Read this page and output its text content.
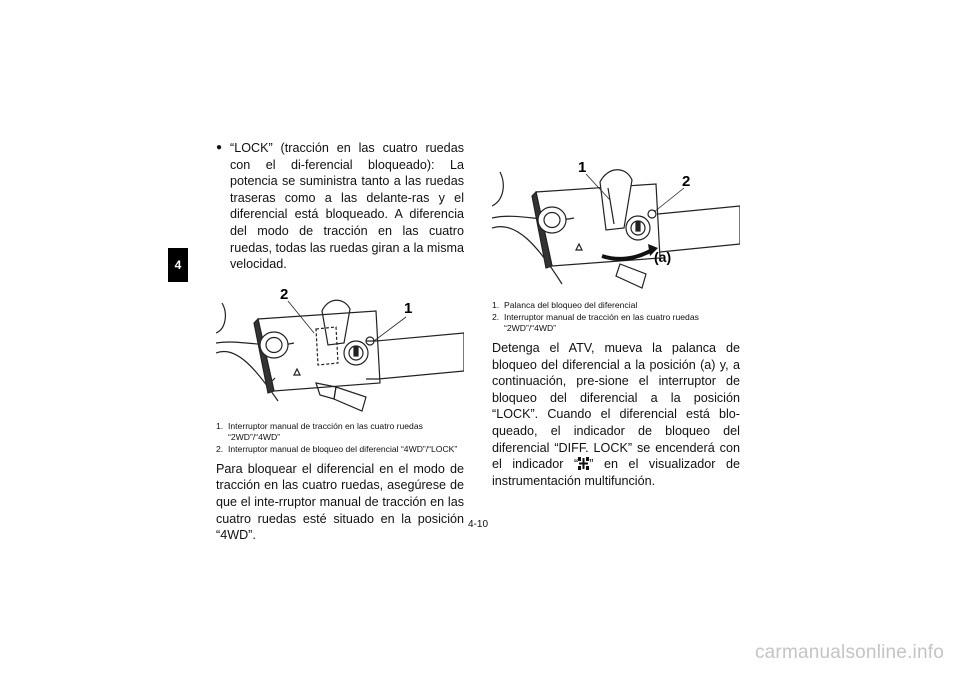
4
● “LOCK” (tracción en las cuatro ruedas con el di-ferencial bloqueado): La potencia se suministra tanto a las ruedas traseras como a las delante-ras y el diferencial está bloqueado. A diferencia del modo de tracción en las cuatro ruedas, todas las ruedas giran a la misma velocidad.
2
1
1. Interruptor manual de tracción en las cuatro ruedas “2WD”/“4WD”
2. Interruptor manual de bloqueo del diferencial “4WD”/“LOCK”

Para bloquear el diferencial en el modo de tracción en las cuatro ruedas, asegúrese de que el inte-rruptor manual de tracción en las cuatro ruedas esté situado en la posición “4WD”.

1
2
(a)
1. Palanca del bloqueo del diferencial
2. Interruptor manual de tracción en las cuatro ruedas “2WD”/“4WD”

Detenga el ATV, mueva la palanca de bloqueo del diferencial a la posición (a) y, a continuación, pre-sione el interruptor de bloqueo del diferencial a la posición “LOCK”. Cuando el diferencial está blo-queado, el indicador de bloqueo del diferencial “DIFF. LOCK” se encenderá con el indicador “ ” en el visualizador de instrumentación multifunción.

4-10
carmanualsonline.info
